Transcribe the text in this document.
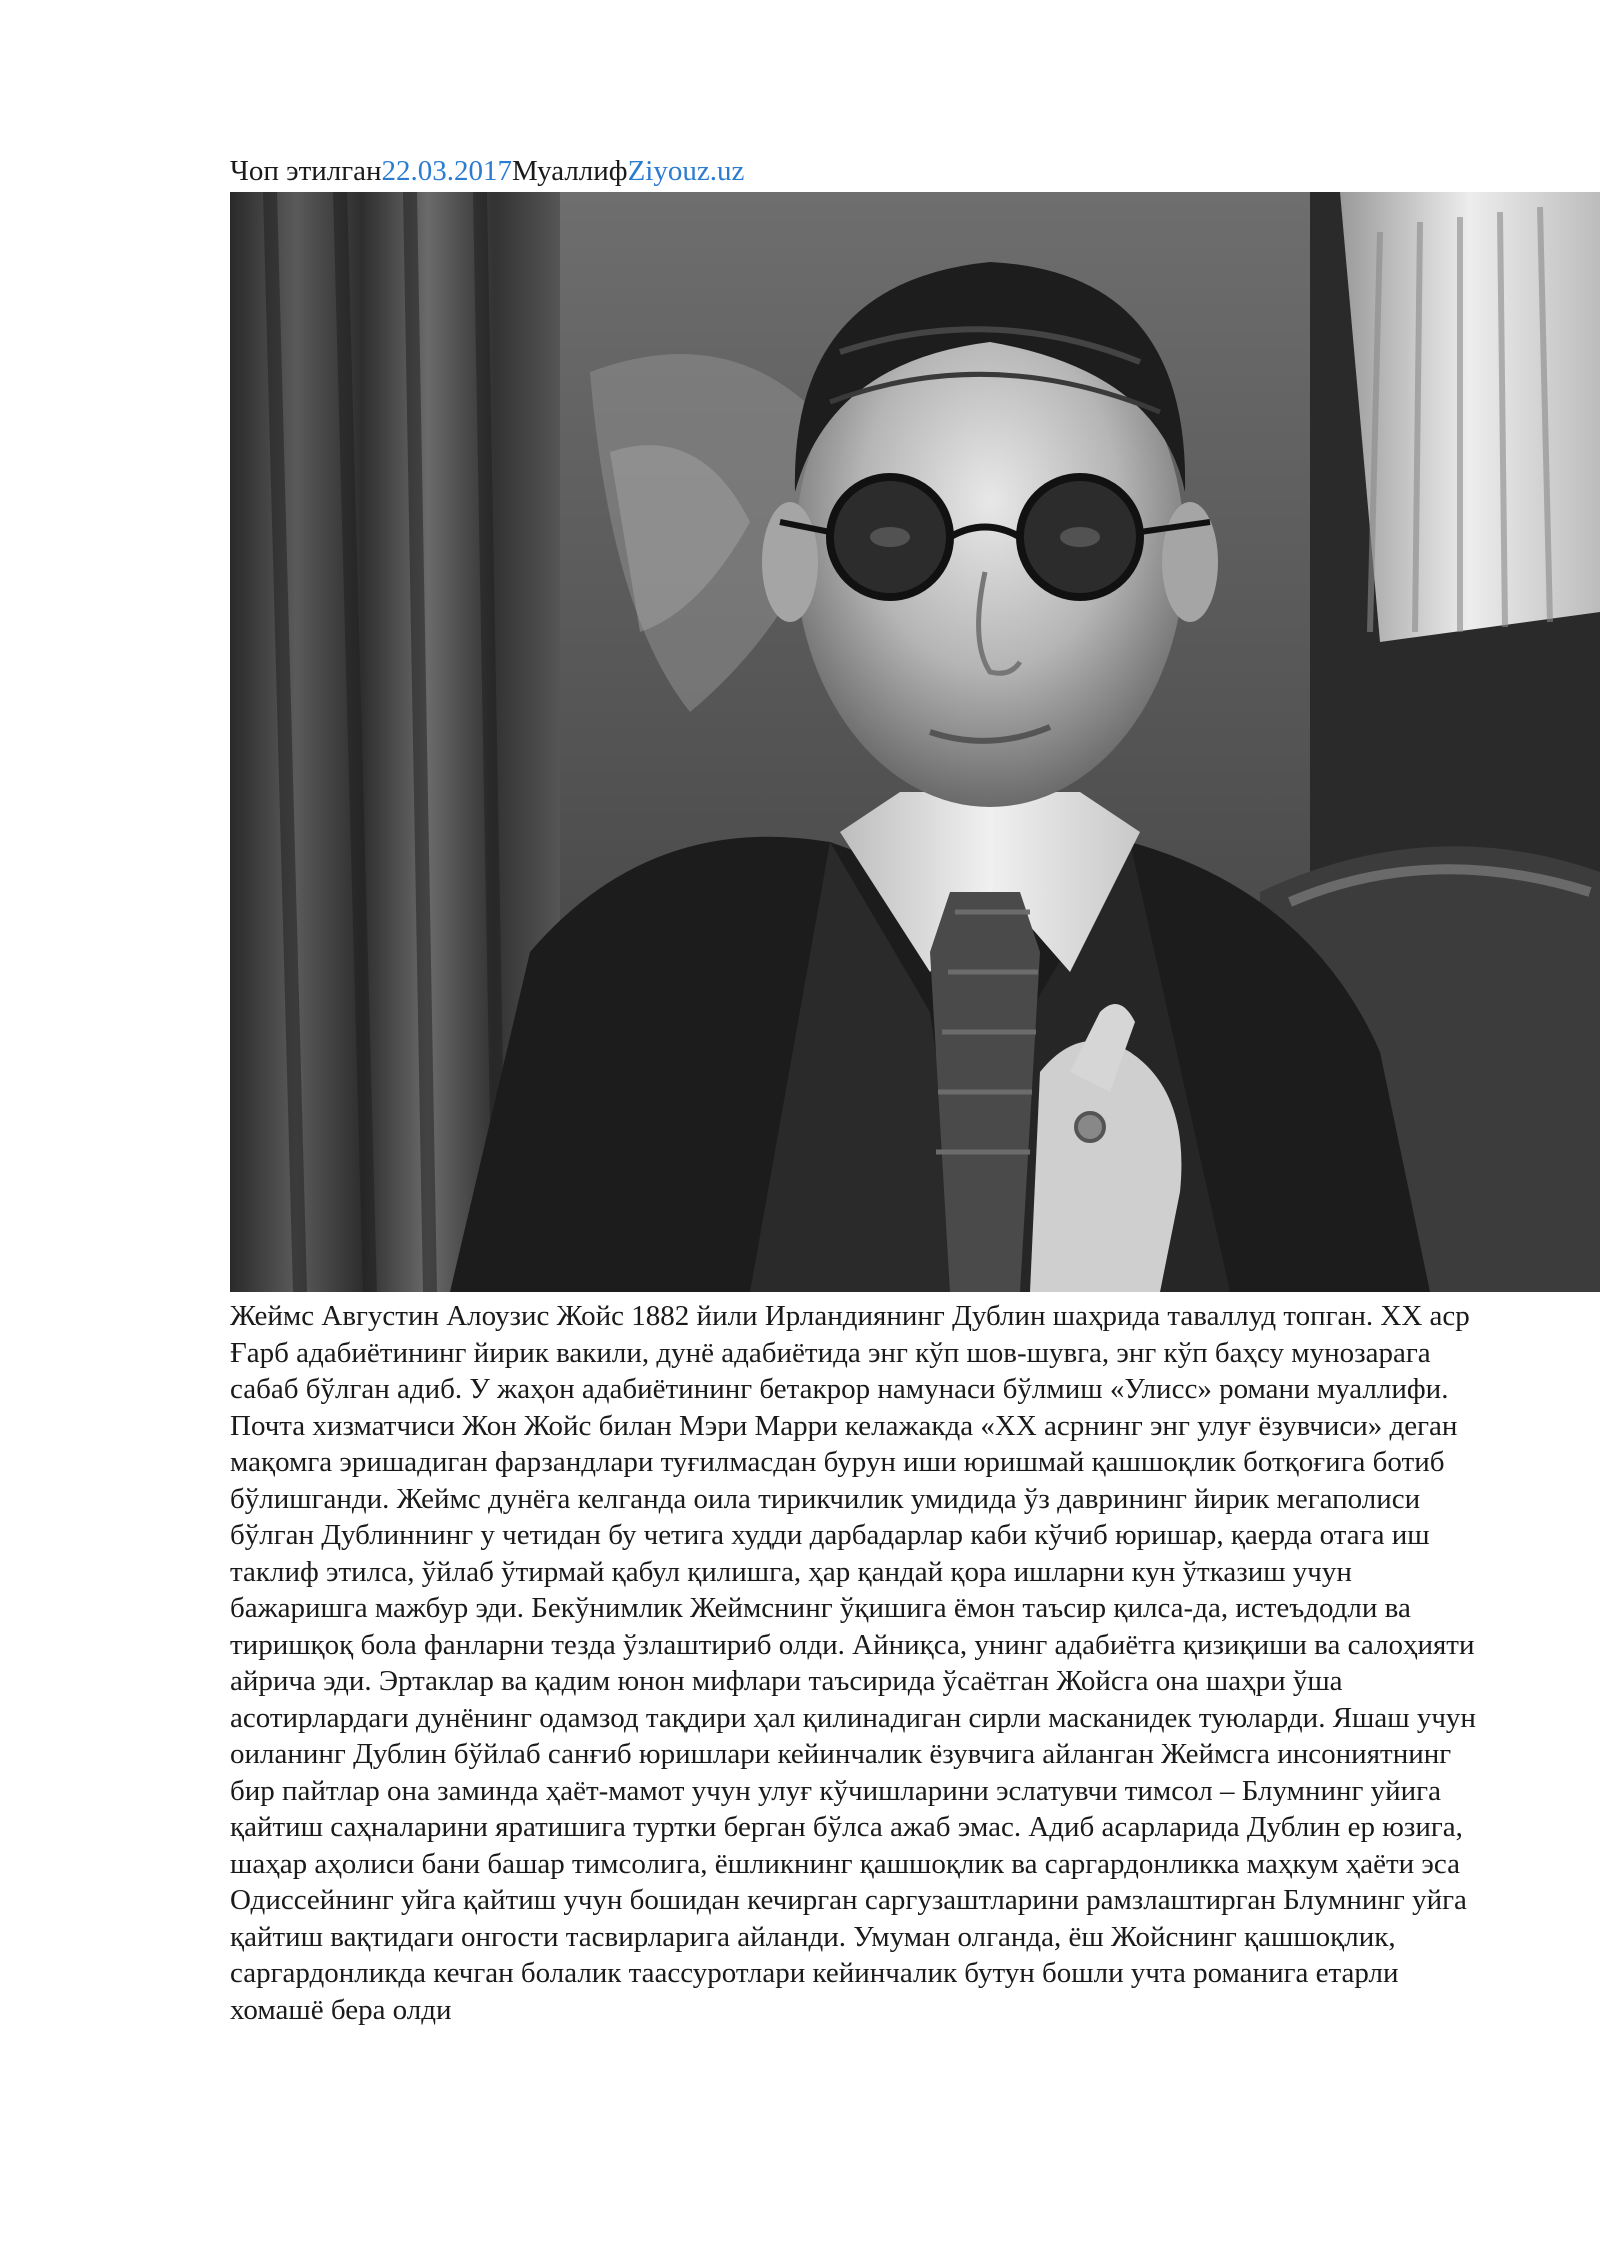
Чоп этилган22.03.2017МуаллифZiyouz.uz

Жеймс Августин Алоузис Жойс 1882 йили Ирландиянинг Дублин шаҳрида таваллуд топган. XX аср Ғарб адабиётининг йирик вакили, дунё адабиётида энг кўп шов-шувга, энг кўп баҳсу мунозарага сабаб бўлган адиб. У жаҳон адабиётининг бетакрор намунаси бўлмиш «Улисс» романи муаллифи.

Почта хизматчиси Жон Жойс билан Мэри Марри келажакда «XX асрнинг энг улуғ ёзувчиси» деган мақомга эришадиган фарзандлари туғилмасдан бурун иши юришмай қашшоқлик ботқоғига ботиб бўлишганди. Жеймс дунёга келганда оила тирикчилик умидида ўз даврининг йирик мегаполиси бўлган Дублиннинг у четидан бу четига худди дарбадарлар каби кўчиб юришар, қаерда отага иш таклиф этилса, ўйлаб ўтирмай қабул қилишга, ҳар қандай қора ишларни кун ўтказиш учун бажаришга мажбур эди. Бекўнимлик Жеймснинг ўқишига ёмон таъсир қилса-да, истеъдодли ва тиришқоқ бола фанларни тезда ўзлаштириб олди. Айниқса, унинг адабиётга қизиқиши ва салоҳияти айрича эди. Эртаклар ва қадим юнон мифлари таъсирида ўсаётган Жойсга она шаҳри ўша асотирлардаги дунёнинг одамзод тақдири ҳал қилинадиган сирли масканидек туюларди. Яшаш учун оиланинг Дублин бўйлаб санғиб юришлари кейинчалик ёзувчига айланган Жеймсга инсониятнинг бир пайтлар она заминда ҳаёт-мамот учун улуғ кўчишларини эслатувчи тимсол – Блумнинг уйига қайтиш саҳналарини яратишига туртки берган бўлса ажаб эмас. Адиб асарларида Дублин ер юзига, шаҳар аҳолиси бани башар тимсолига, ёшликнинг қашшоқлик ва саргардонликка маҳкум ҳаёти эса Одиссейнинг уйга қайтиш учун бошидан кечирган саргузаштларини рамзлаштирган Блумнинг уйга қайтиш вақтидаги онгости тасвирларига айланди. Умуман олганда, ёш Жойснинг қашшоқлик, саргардонликда кечган болалик таассуротлари кейинчалик бутун бошли учта романига етарли хомашё бера олди
